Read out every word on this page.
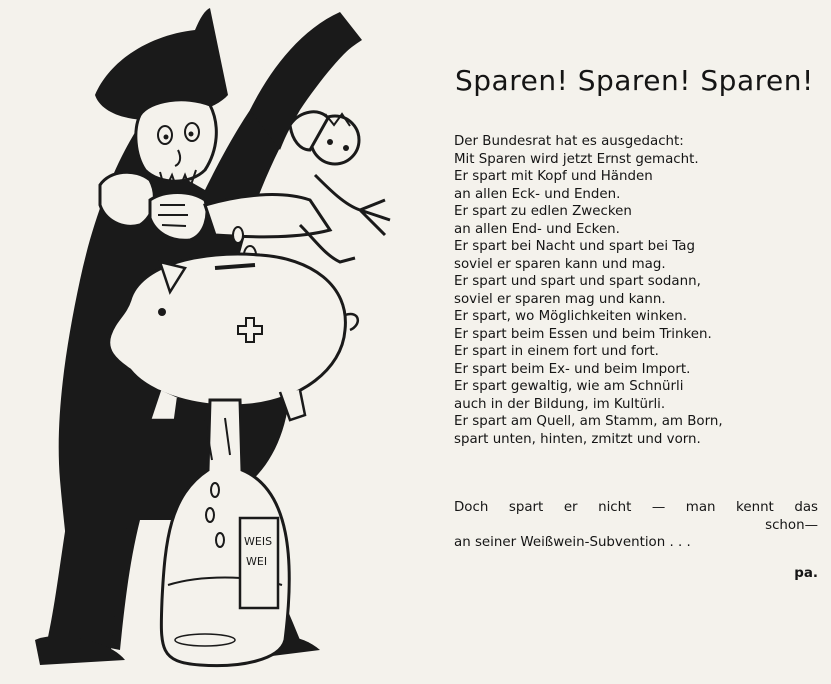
WEIS
WEI
Sparen! Sparen! Sparen!
Der Bundesrat hat es ausgedacht:
Mit Sparen wird jetzt Ernst gemacht.
Er spart mit Kopf und Händen
an allen Eck- und Enden.
Er spart zu edlen Zwecken
an allen End- und Ecken.
Er spart bei Nacht und spart bei Tag
soviel er sparen kann und mag.
Er spart und spart und spart sodann,
soviel er sparen mag und kann.
Er spart, wo Möglichkeiten winken.
Er spart beim Essen und beim Trinken.
Er spart in einem fort und fort.
Er spart beim Ex- und beim Import.
Er spart gewaltig, wie am Schnürli
auch in der Bildung, im Kultürli.
Er spart am Quell, am Stamm, am Born,
spart unten, hinten, zmitzt und vorn.
Doch spart er nicht — man kennt das
schon—
an seiner Weißwein-Subvention . . .
pa.
